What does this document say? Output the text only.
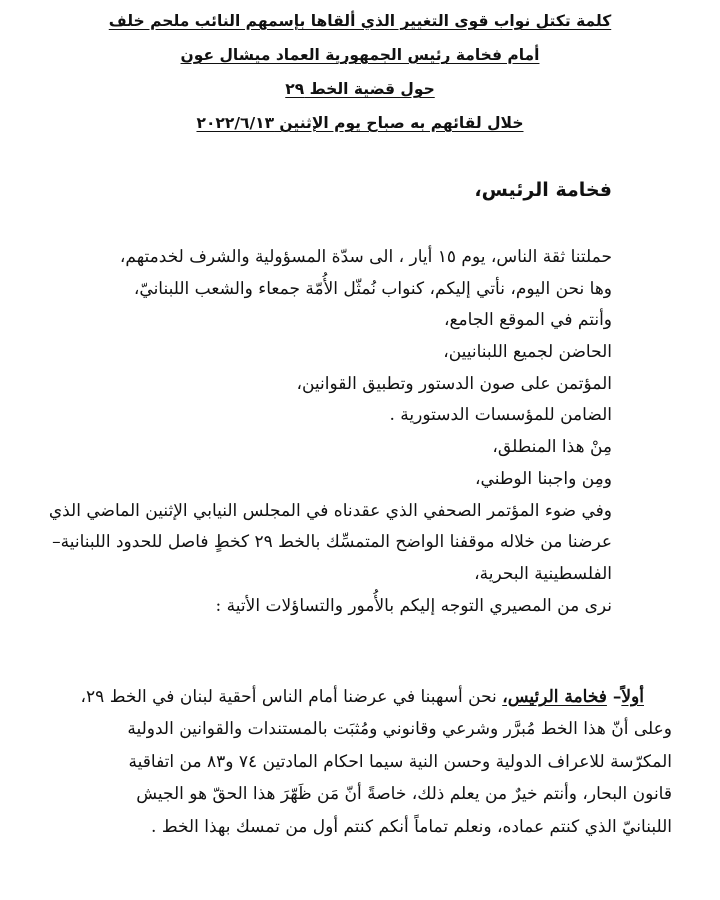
كلمة تكتل نواب قوى التغيير الذي ألقاها بإسمهم النائب ملحم خلف
أمام فخامة رئيس الجمهورية العماد ميشال عون
حول قضية الخط ٢٩
خلال لقائهم به صباح يوم الإثنين ٢٠٢٢/٦/١٣
فخامة الرئيس،
حملتنا ثقة الناس، يوم ١٥ أيار ، الى سدّة المسؤولية والشرف لخدمتهم،
وها نحن اليوم، نأتي إليكم، كنواب نُمثّل الأُمّة جمعاء والشعب اللبنانيّ،
وأنتم في الموقع الجامع،
الحاضن لجميع اللبنانيين،
المؤتمن على صون الدستور وتطبيق القوانين،
الضامن للمؤسسات الدستورية .
مِنْ هذا المنطلق،
ومِن واجبنا الوطني،
وفي ضوء المؤتمر الصحفي الذي عقدناه في المجلس النيابي الإثنين الماضي الذي
عرضنا من خلاله موقفنا الواضح المتمسِّك بالخط ٢٩ كخطٍ فاصل للحدود اللبنانية–
الفلسطينية البحرية،
نرى من المصيري التوجه إليكم بالأُمور والتساؤلات الأتية :
أولاً– فخامة الرئيس، نحن أسهبنا في عرضنا أمام الناس أحقية لبنان في الخط ٢٩،
وعلى أنّ هذا الخط مُبرَّر وشرعي وقانوني ومُثبَت بالمستندات والقوانين الدولية
المكرّسة للاعراف الدولية وحسن النية سيما احكام المادتين ٧٤ و٨٣ من اتفاقية
قانون البحار، وأنتم خيرٌ من يعلم ذلك، خاصةً أنّ مَن ظَهّرَ هذا الحقّ هو الجيش
اللبنانيّ الذي كنتم عماده، ونعلم تماماً أنكم كنتم أول من تمسك بهذا الخط .
